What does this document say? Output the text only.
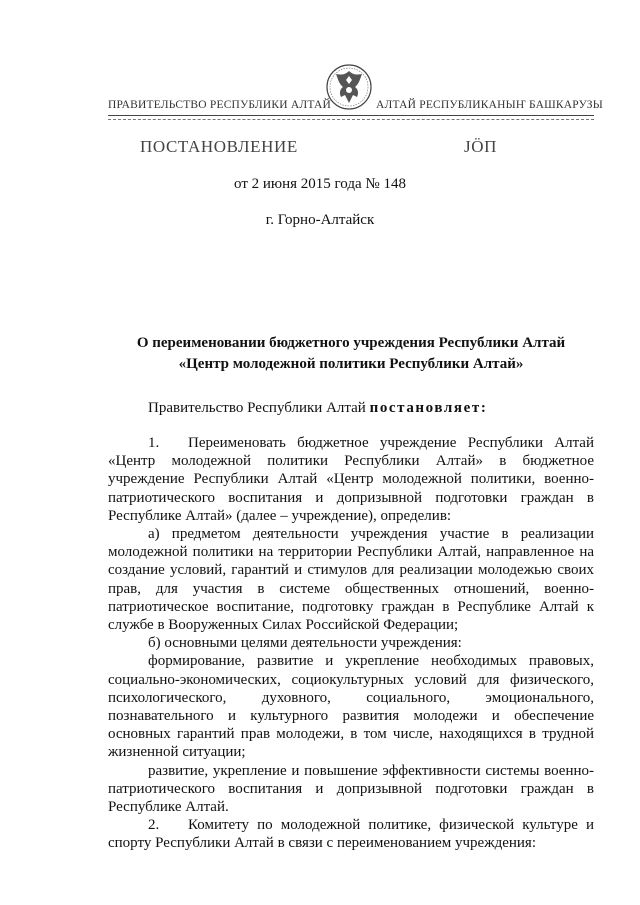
ПРАВИТЕЛЬСТВО РЕСПУБЛИКИ АЛТАЙ	АЛТАЙ РЕСПУБЛИКАНЫҤ БАШКАРУЗЫ
ПОСТАНОВЛЕНИЕ	JÖП
от 2 июня 2015 года № 148
г. Горно-Алтайск
О переименовании бюджетного учреждения Республики Алтай
«Центр молодежной политики Республики Алтай»
Правительство Республики Алтай постановляет:

1. Переименовать бюджетное учреждение Республики Алтай «Центр молодежной политики Республики Алтай» в бюджетное учреждение Республики Алтай «Центр молодежной политики, военно-патриотического воспитания и допризывной подготовки граждан в Республике Алтай» (далее – учреждение), определив:

а) предметом деятельности учреждения участие в реализации молодежной политики на территории Республики Алтай, направленное на создание условий, гарантий и стимулов для реализации молодежью своих прав, для участия в системе общественных отношений, военно-патриотическое воспитание, подготовку граждан в Республике Алтай к службе в Вооруженных Силах Российской Федерации;

б) основными целями деятельности учреждения:

формирование, развитие и укрепление необходимых правовых, социально-экономических, социокультурных условий для физического, психологического, духовного, социального, эмоционального, познавательного и культурного развития молодежи и обеспечение основных гарантий прав молодежи, в том числе, находящихся в трудной жизненной ситуации;

развитие, укрепление и повышение эффективности системы военно-патриотического воспитания и допризывной подготовки граждан в Республике Алтай.

2. Комитету по молодежной политике, физической культуре и спорту Республики Алтай в связи с переименованием учреждения:
